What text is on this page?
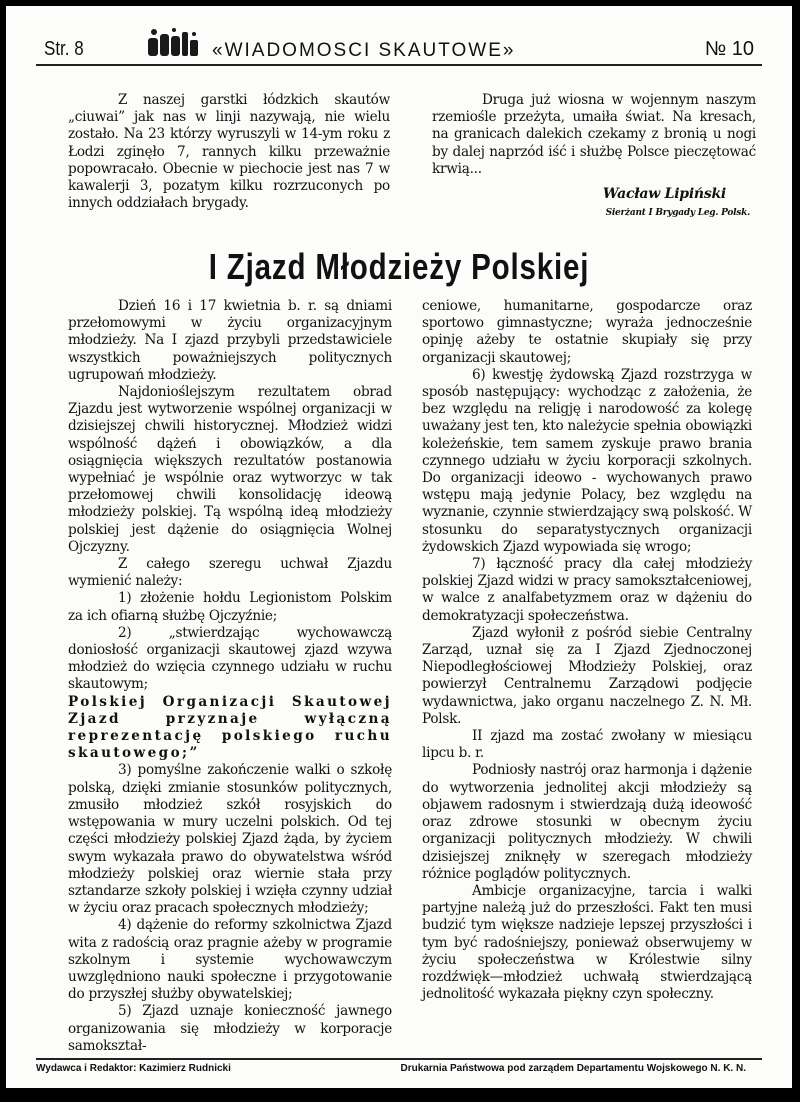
Str. 8	«WIADOMOSCI SKAUTOWE»	№ 10

Z naszej garstki łódzkich skautów „ciuwai” jak nas w linji nazywają, nie wielu zostało. Na 23 którzy wyruszyli w 14-ym roku z Łodzi zginęło 7, rannych kilku przeważnie popowracało. Obecnie w piechocie jest nas 7 w kawalerji 3, pozatym kilku rozrzuconych po innych oddziałach brygady.

Druga już wiosna w wojennym naszym rzemiośle przeżyta, umaiła świat. Na kresach, na granicach dalekich czekamy z bronią u nogi by dalej naprzód iść i służbę Polsce pieczętować krwią...

Wacław Lipiński
Sierżant I Brygady Leg. Polsk.
I Zjazd Młodzieży Polskiej

Dzień 16 i 17 kwietnia b. r. są dniami przełomowymi w życiu organizacyjnym młodzieży. Na I zjazd przybyli przedstawiciele wszystkich poważniejszych politycznych ugrupowań młodzieży.

Najdonioślejszym rezultatem obrad Zjazdu jest wytworzenie wspólnej organizacji w dzisiejszej chwili historycznej. Młodzież widzi wspólność dążeń i obowiązków, a dla osiągnięcia większych rezultatów postanowia wypełniać je wspólnie oraz wytworzyc w tak przełomowej chwili konsolidację ideową młodzieży polskiej. Tą wspólną ideą młodzieży polskiej jest dążenie do osiągnięcia Wolnej Ojczyzny.

Z całego szeregu uchwał Zjazdu wymienić należy:

1) złożenie hołdu Legionistom Polskim za ich ofiarną służbę Ojczyźnie;

2) „stwierdzając wychowawczą doniosłość organizacji skautowej zjazd wzywa młodzież do wzięcia czynnego udziału w ruchu skautowym;

Polskiej Organizacji Skautowej Zjazd przyznaje wyłączną reprezentację polskiego ruchu skautowego;”

3) pomyślne zakończenie walki o szkołę polską, dzięki zmianie stosunków politycznych, zmusiło młodzież szkół rosyjskich do wstępowania w mury uczelni polskich. Od tej części młodzieży polskiej Zjazd żąda, by życiem swym wykazała prawo do obywatelstwa wśród młodzieży polskiej oraz wiernie stała przy sztandarze szkoły polskiej i wzięła czynny udział w życiu oraz pracach społecznych młodzieży;

4) dążenie do reformy szkolnictwa Zjazd wita z radością oraz pragnie ażeby w programie szkolnym i systemie wychowawczym uwzględniono nauki społeczne i przygotowanie do przyszłej służby obywatelskiej;

5) Zjazd uznaje konieczność jawnego organizowania się młodzieży w korporacje samokształ-

ceniowe, humanitarne, gospodarcze oraz sportowo gimnastyczne; wyraża jednocześnie opinję ażeby te ostatnie skupiały się przy organizacji skautowej;

6) kwestję żydowską Zjazd rozstrzyga w sposób następujący: wychodząc z założenia, że bez względu na religję i narodowość za kolegę uważany jest ten, kto należycie spełnia obowiązki koleżeńskie, tem samem zyskuje prawo brania czynnego udziału w życiu korporacji szkolnych. Do organizacji ideowo - wychowanych prawo wstępu mają jedynie Polacy, bez względu na wyznanie, czynnie stwierdzający swą polskość. W stosunku do separatystycznych organizacji żydowskich Zjazd wypowiada się wrogo;

7) łączność pracy dla całej młodzieży polskiej Zjazd widzi w pracy samokształceniowej, w walce z analfabetyzmem oraz w dążeniu do demokratyzacji społeczeństwa.

Zjazd wyłonił z pośród siebie Centralny Zarząd, uznał się za I Zjazd Zjednoczonej Niepodległościowej Młodzieży Polskiej, oraz powierzył Centralnemu Zarządowi podjęcie wydawnictwa, jako organu naczelnego Z. N. Mł. Polsk.

II zjazd ma zostać zwołany w miesiącu lipcu b. r.

Podniosły nastrój oraz harmonja i dążenie do wytworzenia jednolitej akcji młodzieży są objawem radosnym i stwierdzają dużą ideowość oraz zdrowe stosunki w obecnym życiu organizacji politycznych młodzieży. W chwili dzisiejszej zniknęły w szeregach młodzieży różnice poglądów politycznych.

Ambicje organizacyjne, tarcia i walki partyjne należą już do przeszłości. Fakt ten musi budzić tym większe nadzieje lepszej przyszłości i tym być radośniejszy, ponieważ obserwujemy w życiu społeczeństwa w Królestwie silny rozdźwięk—młodzież uchwałą stwierdzającą jednolitość wykazała piękny czyn społeczny.

Wydawca i Redaktor: Kazimierz Rudnicki	Drukarnia Państwowa pod zarządem Departamentu Wojskowego N. K. N.
